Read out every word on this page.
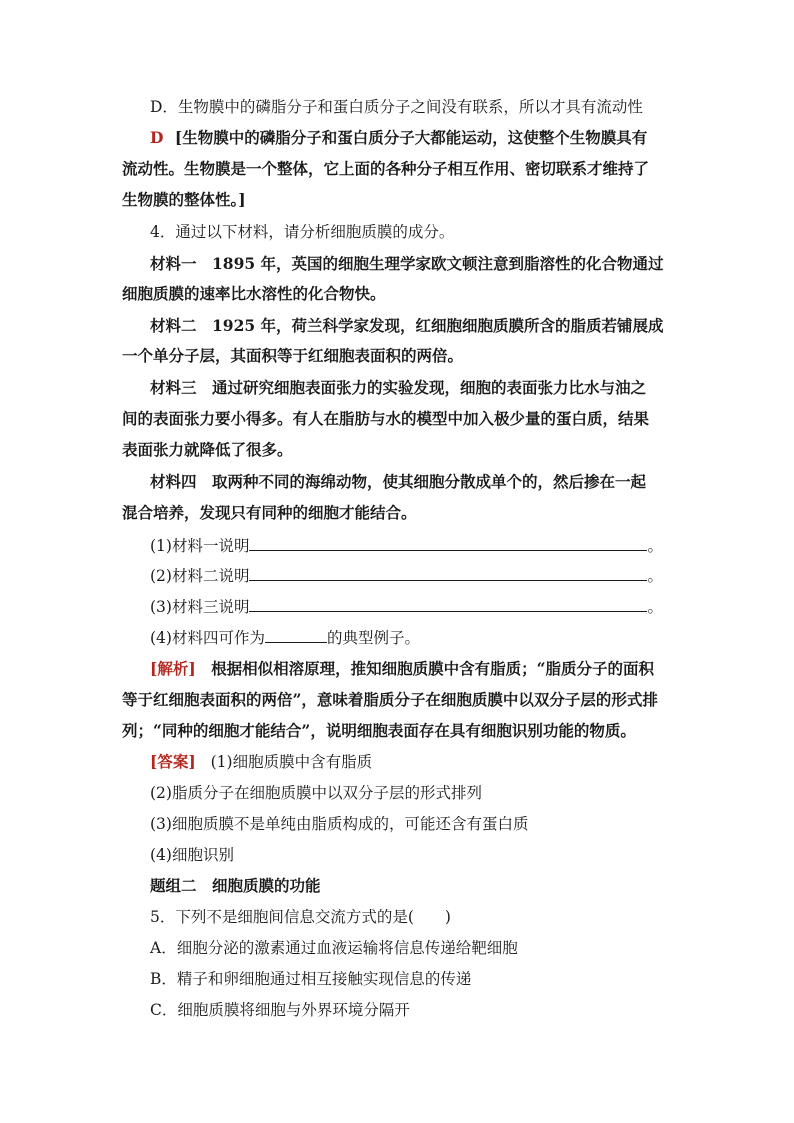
D．生物膜中的磷脂分子和蛋白质分子之间没有联系，所以才具有流动性
D [生物膜中的磷脂分子和蛋白质分子大都能运动，这使整个生物膜具有
流动性。生物膜是一个整体，它上面的各种分子相互作用、密切联系才维持了
生物膜的整体性。]
4．通过以下材料，请分析细胞质膜的成分。
材料一　1895 年，英国的细胞生理学家欧文顿注意到脂溶性的化合物通过
细胞质膜的速率比水溶性的化合物快。
材料二　1925 年，荷兰科学家发现，红细胞细胞质膜所含的脂质若铺展成
一个单分子层，其面积等于红细胞表面积的两倍。
材料三　通过研究细胞表面张力的实验发现，细胞的表面张力比水与油之
间的表面张力要小得多。有人在脂肪与水的模型中加入极少量的蛋白质，结果
表面张力就降低了很多。
材料四　取两种不同的海绵动物，使其细胞分散成单个的，然后掺在一起
混合培养，发现只有同种的细胞才能结合。
(1)材料一说明	。
(2)材料二说明	。
(3)材料三说明	。
(4)材料四可作为	的典型例子。
[解析] 根据相似相溶原理，推知细胞质膜中含有脂质；“脂质分子的面积
等于红细胞表面积的两倍”，意味着脂质分子在细胞质膜中以双分子层的形式排
列；“同种的细胞才能结合”，说明细胞表面存在具有细胞识别功能的物质。
[答案] (1)细胞质膜中含有脂质
(2)脂质分子在细胞质膜中以双分子层的形式排列
(3)细胞质膜不是单纯由脂质构成的，可能还含有蛋白质
(4)细胞识别
题组二　细胞质膜的功能
5．下列不是细胞间信息交流方式的是(　　)
A．细胞分泌的激素通过血液运输将信息传递给靶细胞
B．精子和卵细胞通过相互接触实现信息的传递
C．细胞质膜将细胞与外界环境分隔开
